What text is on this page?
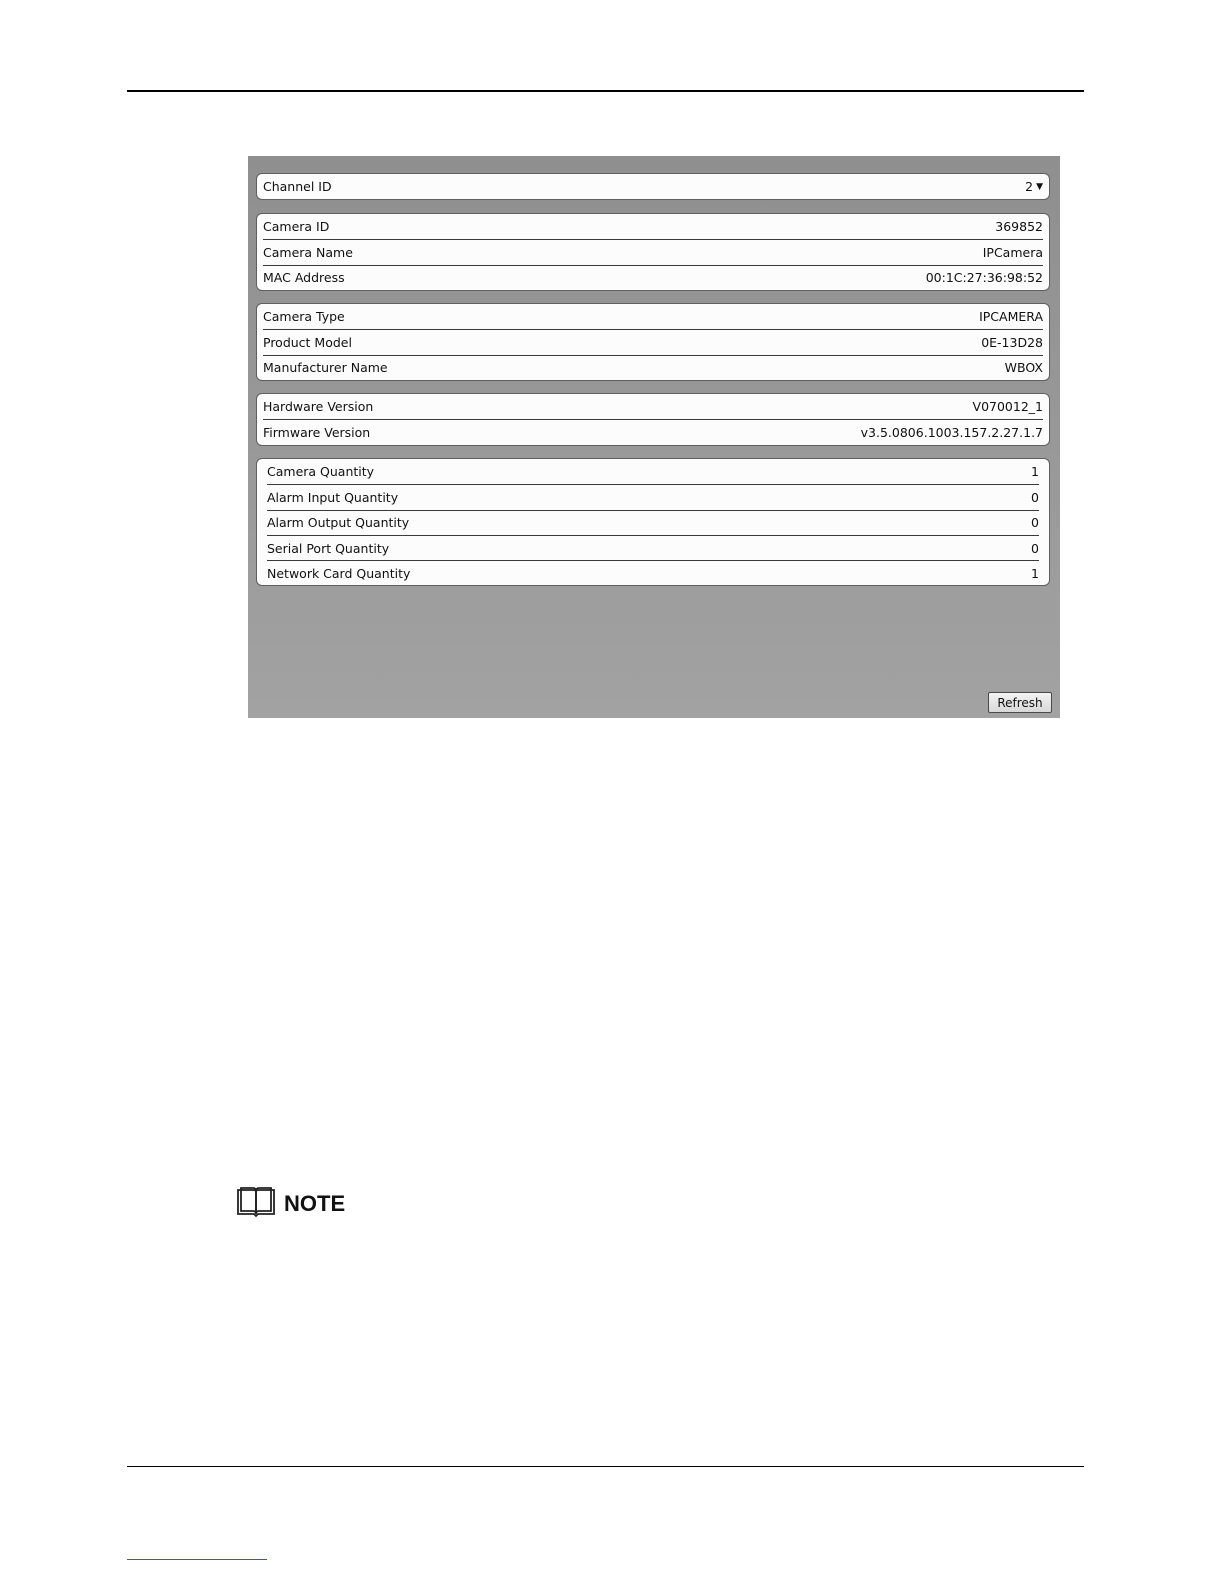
Channel ID	2 ▼
Camera ID	369852
Camera Name	IPCamera
MAC Address	00:1C:27:36:98:52
Camera Type	IPCAMERA
Product Model	0E-13D28
Manufacturer Name	WBOX
Hardware Version	V070012_1
Firmware Version	v3.5.0806.1003.157.2.27.1.7
Camera Quantity	1
Alarm Input Quantity	0
Alarm Output Quantity	0
Serial Port Quantity	0
Network Card Quantity	1
Refresh
NOTE
